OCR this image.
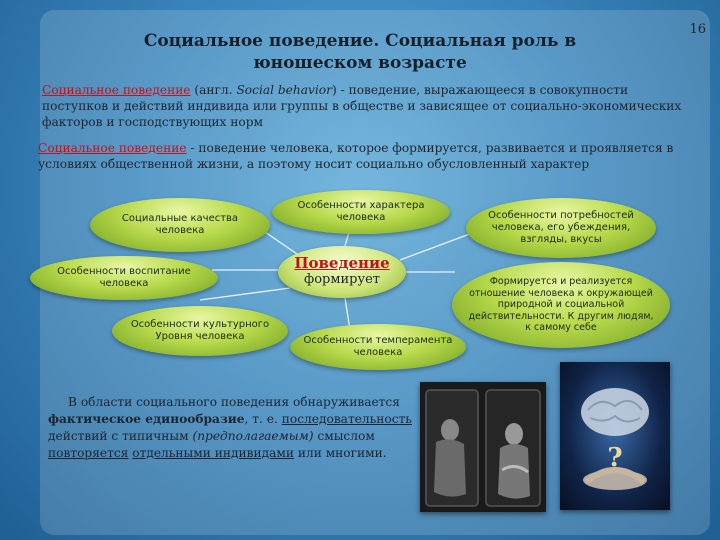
16
Социальное поведение. Социальная роль в
юношеском возрасте
Социальное поведение (англ. Social behavior) - поведение, выражающееся в совокупности поступков и действий индивида или группы в обществе и зависящее от социально-экономических факторов и господствующих норм
Социальное поведение - поведение человека, которое формируется, развивается и проявляется в условиях общественной жизни, а поэтому носит социально обусловленный характер
Социальные качества
человека
Особенности характера
человека	Особенности потребностей
человека, его убеждения,
взгляды, вкусы
Особенности воспитание
человека
Поведение
формирует
Особенности культурного
Уровня человека	Особенности темперамента
человека
Формируется и реализуется
отношение человека к окружающей
природной и социальной
действительности. К другим людям,
к самому себе
В области социального поведения обнаруживается фактическое единообразие, т. е. последовательность действий с типичным (предполагаемым) смыслом повторяется отдельными индивидами или многими.	?
